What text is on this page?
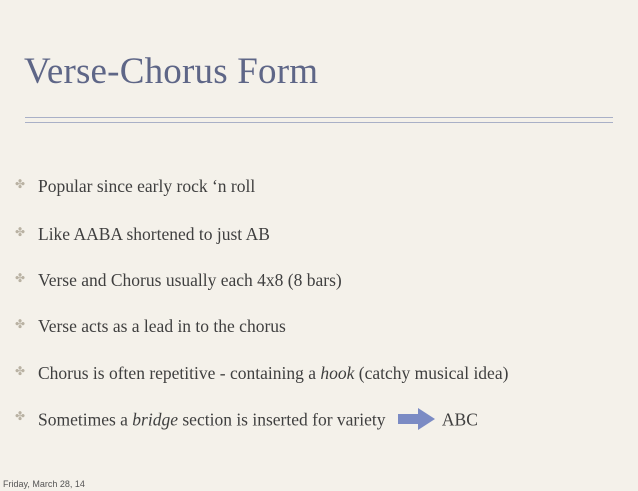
Verse-Chorus Form
✤ Popular since early rock ‘n roll
✤ Like AABA shortened to just AB
✤ Verse and Chorus usually each 4x8 (8 bars)
✤ Verse acts as a lead in to the chorus
✤ Chorus is often repetitive - containing a hook (catchy musical idea)
✤ Sometimes a bridge section is inserted for variety	ABC
Friday, March 28, 14
